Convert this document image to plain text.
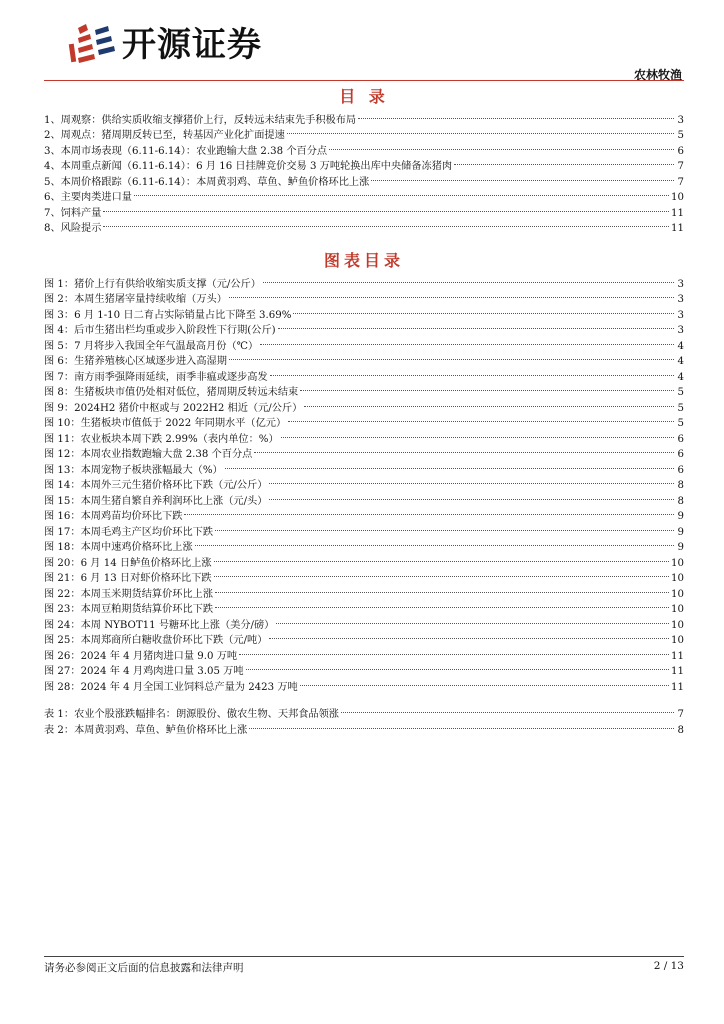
开源证券
农林牧渔
目 录
1、 周观察：供给实质收缩支撑猪价上行，反转远未结束先手积极布局	3
2、 周观点：猪周期反转已至，转基因产业化扩面提速	5
3、 本周市场表现（6.11-6.14）：农业跑输大盘 2.38 个百分点	6
4、 本周重点新闻（6.11-6.14）：6 月 16 日挂牌竞价交易 3 万吨轮换出库中央储备冻猪肉	7
5、 本周价格跟踪（6.11-6.14）：本周黄羽鸡、草鱼、鲈鱼价格环比上涨	7
6、 主要肉类进口量	10
7、 饲料产量	11
8、 风险提示	11
图表目录
图 1： 猪价上行有供给收缩实质支撑（元/公斤）	3
图 2： 本周生猪屠宰量持续收缩（万头）	3
图 3： 6 月 1-10 日二育占实际销量占比下降至 3.69%	3
图 4： 后市生猪出栏均重或步入阶段性下行期(公斤)	3
图 5： 7 月将步入我国全年气温最高月份（℃）	4
图 6： 生猪养殖核心区域逐步进入高湿期	4
图 7： 南方雨季强降雨延续，雨季非瘟或逐步高发	4
图 8： 生猪板块市值仍处相对低位，猪周期反转远未结束	5
图 9： 2024H2 猪价中枢或与 2022H2 相近（元/公斤）	5
图 10： 生猪板块市值低于 2022 年同期水平（亿元）	5
图 11： 农业板块本周下跌 2.99%（表内单位：%）	6
图 12： 本周农业指数跑输大盘 2.38 个百分点	6
图 13： 本周宠物子板块涨幅最大（%）	6
图 14： 本周外三元生猪价格环比下跌（元/公斤）	8
图 15： 本周生猪自繁自养利润环比上涨（元/头）	8
图 16： 本周鸡苗均价环比下跌	9
图 17： 本周毛鸡主产区均价环比下跌	9
图 18： 本周中速鸡价格环比上涨	9
图 20： 6 月 14 日鲈鱼价格环比上涨	10
图 21： 6 月 13 日对虾价格环比下跌	10
图 22： 本周玉米期货结算价环比上涨	10
图 23： 本周豆粕期货结算价环比下跌	10
图 24： 本周 NYBOT11 号糖环比上涨（美分/磅）	10
图 25： 本周郑商所白糖收盘价环比下跌（元/吨）	10
图 26： 2024 年 4 月猪肉进口量 9.0 万吨	11
图 27： 2024 年 4 月鸡肉进口量 3.05 万吨	11
图 28： 2024 年 4 月全国工业饲料总产量为 2423 万吨	11
表 1： 农业个股涨跌幅排名：朗源股份、傲农生物、天邦食品领涨	7
表 2： 本周黄羽鸡、草鱼、鲈鱼价格环比上涨	8
请务必参阅正文后面的信息披露和法律声明	2 / 13
